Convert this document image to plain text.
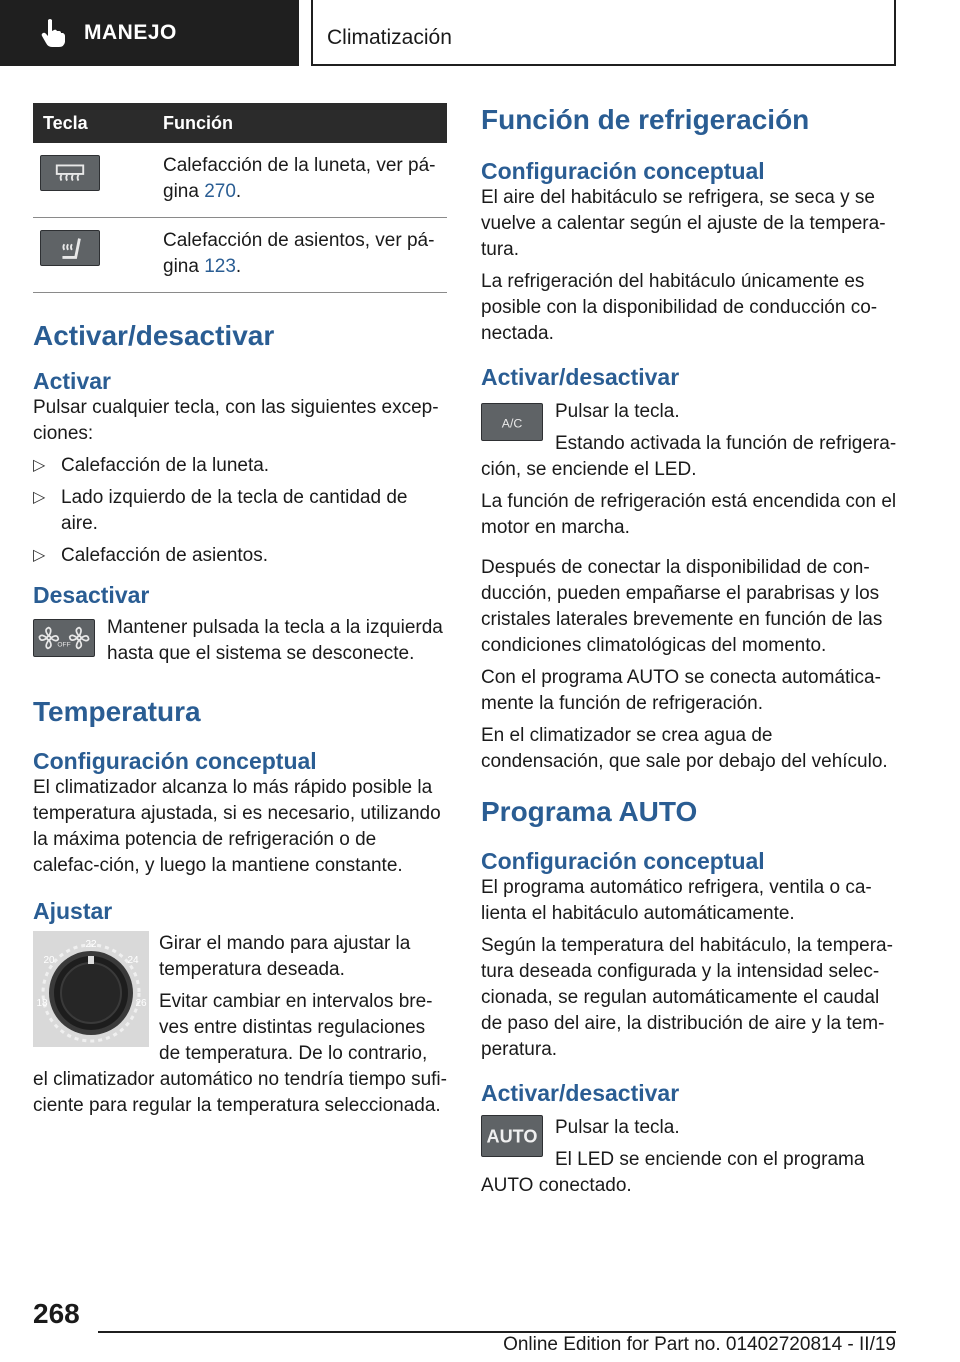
MANEJO	Climatización
Tecla	Función

	Calefacción de la luneta, ver pá-gina 270.

	Calefacción de asientos, ver pá-gina 123.
Activar/desactivar
Activar

Pulsar cualquier tecla, con las siguientes excep-ciones:

▷ Calefacción de la luneta.
▷ Lado izquierdo de la tecla de cantidad de aire.
▷ Calefacción de asientos.
Desactivar
OFF

Mantener pulsada la tecla a la izquierda hasta que el sistema se desconecte.

Temperatura
Configuración conceptual

El climatizador alcanza lo más rápido posible la temperatura ajustada, si es necesario, utilizando la máxima potencia de refrigeración o de calefac-ción, y luego la mantiene constante.

Ajustar
22
20	24
18	26

Girar el mando para ajustar la temperatura deseada.

Evitar cambiar en intervalos bre-ves entre distintas regulaciones de temperatura. De lo contrario, el climatizador automático no tendría tiempo sufi-ciente para regular la temperatura seleccionada.

Función de refrigeración
Configuración conceptual

El aire del habitáculo se refrigera, se seca y se vuelve a calentar según el ajuste de la tempera-tura.

La refrigeración del habitáculo únicamente es posible con la disponibilidad de conducción co-nectada.

Activar/desactivar
A/C

Pulsar la tecla.

Estando activada la función de refrigera-ción, se enciende el LED.

La función de refrigeración está encendida con el motor en marcha.

Después de conectar la disponibilidad de con-ducción, pueden empañarse el parabrisas y los cristales laterales brevemente en función de las condiciones climatológicas del momento.

Con el programa AUTO se conecta automática-mente la función de refrigeración.

En el climatizador se crea agua de condensación, que sale por debajo del vehículo.

Programa AUTO
Configuración conceptual

El programa automático refrigera, ventila o ca-lienta el habitáculo automáticamente.

Según la temperatura del habitáculo, la tempera-tura deseada configurada y la intensidad selec-cionada, se regulan automáticamente el caudal de paso del aire, la distribución de aire y la tem-peratura.

Activar/desactivar
AUTO Pulsar la tecla.

El LED se enciende con el programa AUTO conectado.

268
Online Edition for Part no. 01402720814 - II/19
